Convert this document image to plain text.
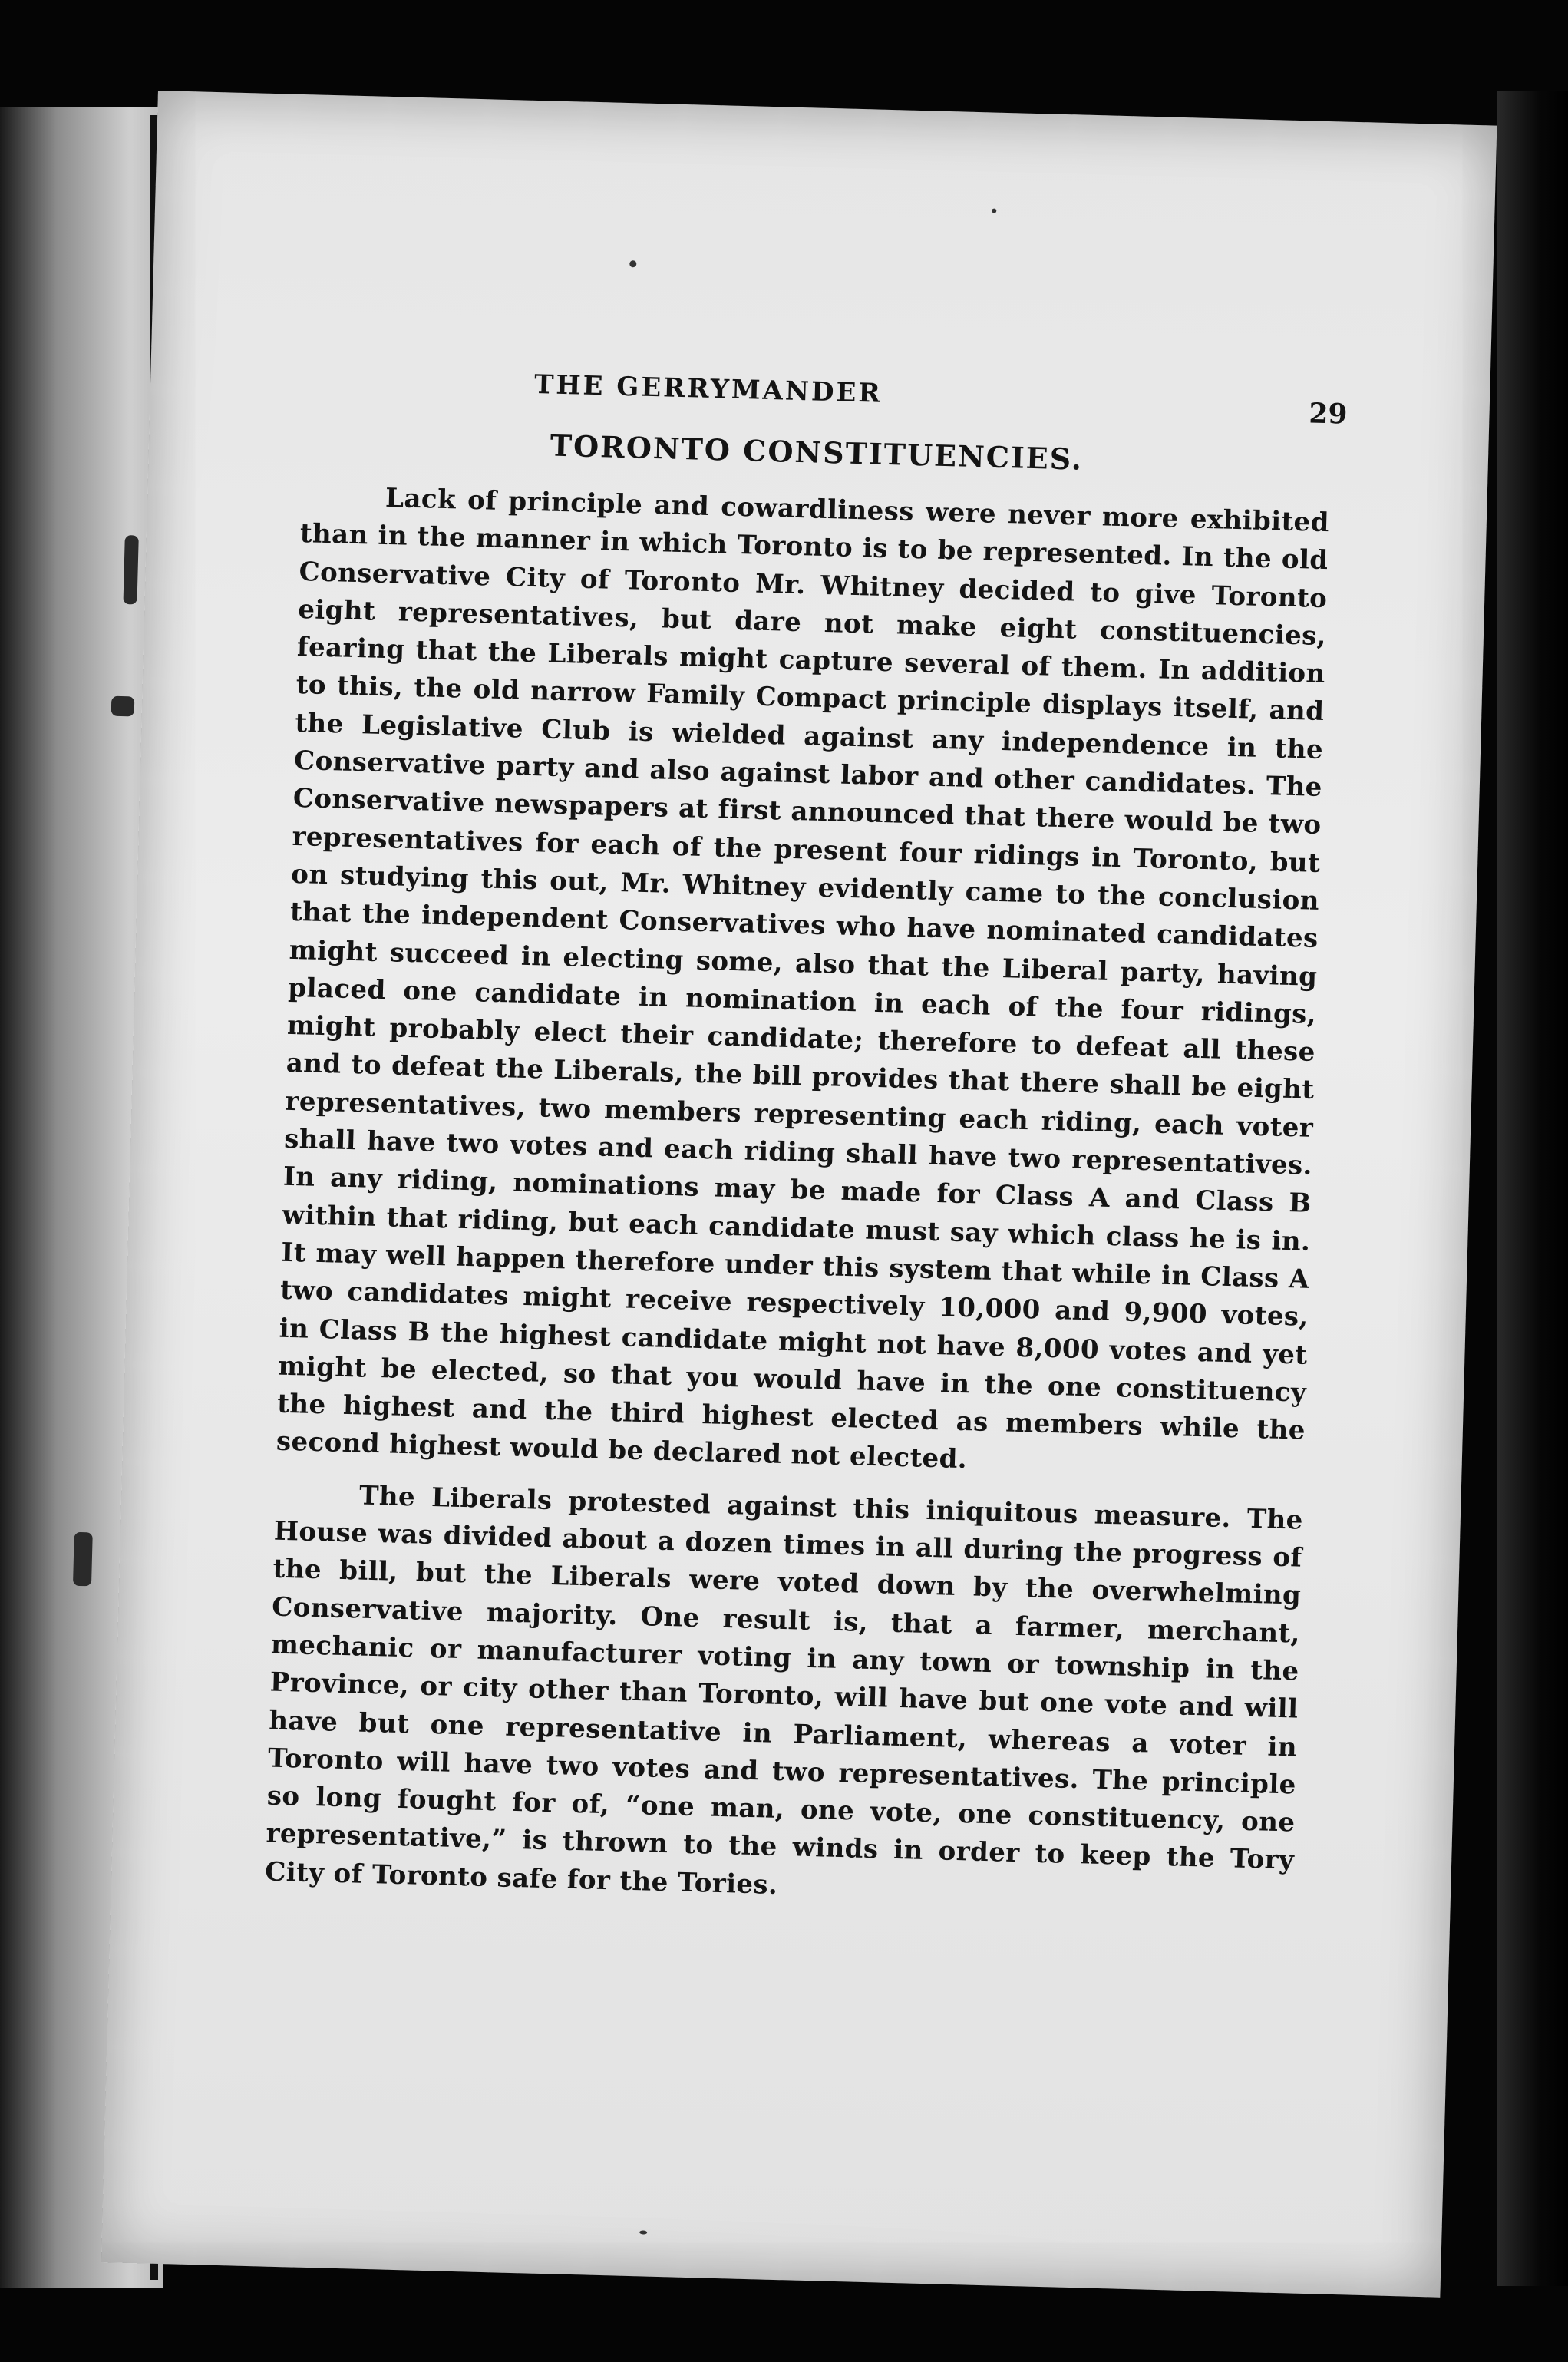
THE GERRYMANDER
29
TORONTO CONSTITUENCIES.

Lack of principle and cowardliness were never more exhibited than in the manner in which Toronto is to be represented. In the old Conservative City of Toronto Mr. Whitney decided to give Toronto eight representatives, but dare not make eight constituencies, fearing that the Liberals might capture several of them. In addition to this, the old narrow Family Compact principle displays itself, and the Legislative Club is wielded against any independence in the Conservative party and also against labor and other candidates. The Conservative newspapers at first announced that there would be two representatives for each of the present four ridings in Toronto, but on studying this out, Mr. Whitney evidently came to the conclusion that the independent Conservatives who have nominated candidates might succeed in electing some, also that the Liberal party, having placed one candidate in nomination in each of the four ridings, might probably elect their candidate; therefore to defeat all these and to defeat the Liberals, the bill provides that there shall be eight representatives, two members representing each riding, each voter shall have two votes and each riding shall have two representatives. In any riding, nominations may be made for Class A and Class B within that riding, but each candidate must say which class he is in. It may well happen therefore under this system that while in Class A two candidates might receive respectively 10,000 and 9,900 votes, in Class B the highest candidate might not have 8,000 votes and yet might be elected, so that you would have in the one constituency the highest and the third highest elected as members while the second highest would be declared not elected.

The Liberals protested against this iniquitous measure. The House was divided about a dozen times in all during the progress of the bill, but the Liberals were voted down by the overwhelming Conservative majority. One result is, that a farmer, merchant, mechanic or manufacturer voting in any town or township in the Province, or city other than Toronto, will have but one vote and will have but one representative in Parliament, whereas a voter in Toronto will have two votes and two representatives. The principle so long fought for of, “one man, one vote, one constituency, one representative,” is thrown to the winds in order to keep the Tory City of Toronto safe for the Tories.
